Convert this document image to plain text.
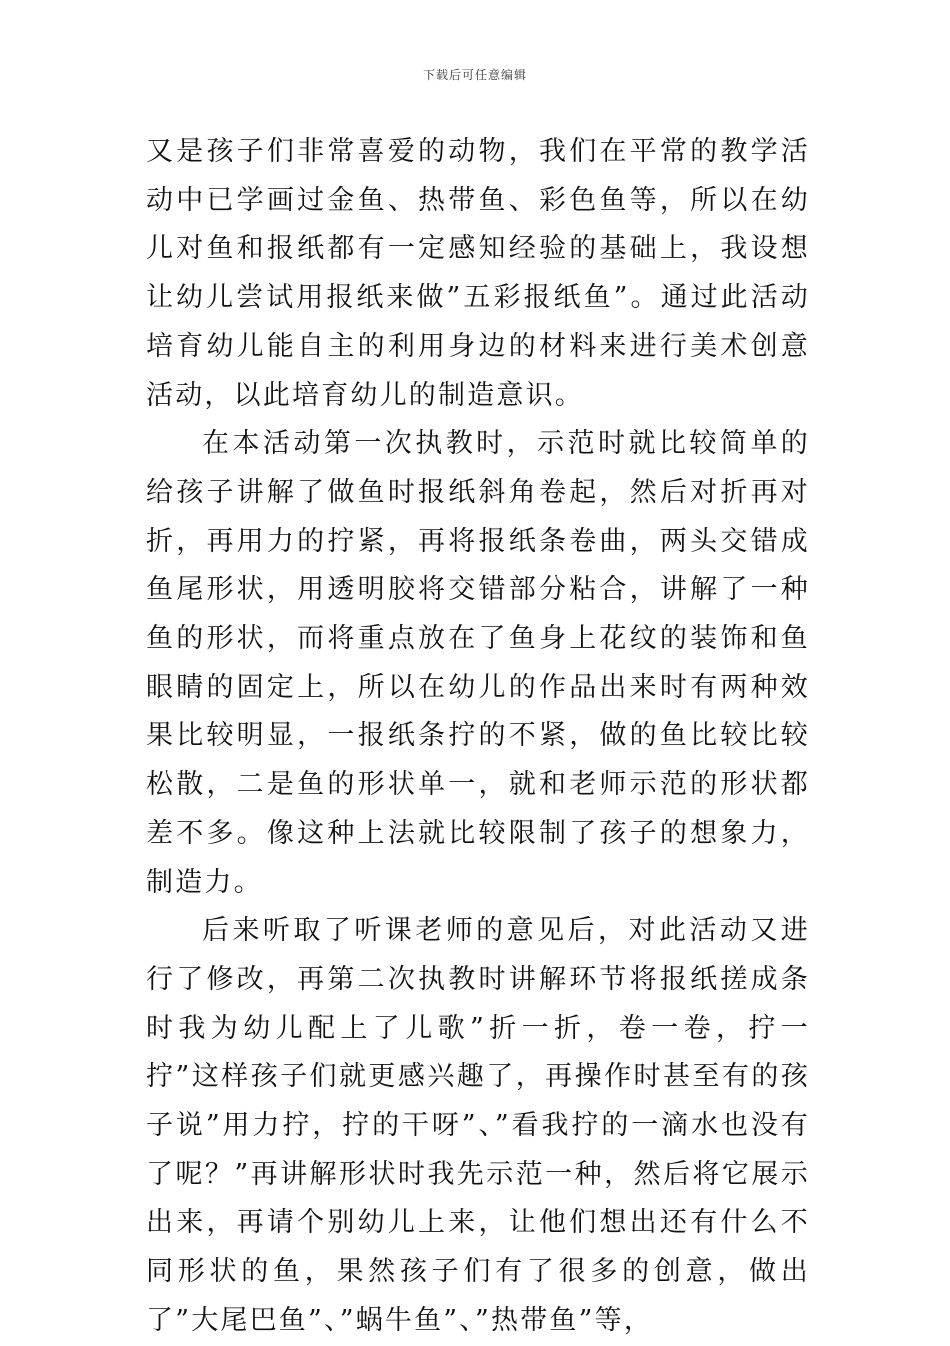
下载后可任意编辑

又是孩子们非常喜爱的动物，我们在平常的教学活动中已学画过金鱼、热带鱼、彩色鱼等，所以在幼儿对鱼和报纸都有一定感知经验的基础上，我设想让幼儿尝试用报纸来做”五彩报纸鱼”。通过此活动培育幼儿能自主的利用身边的材料来进行美术创意活动，以此培育幼儿的制造意识。

在本活动第一次执教时，示范时就比较简单的给孩子讲解了做鱼时报纸斜角卷起，然后对折再对折，再用力的拧紧，再将报纸条卷曲，两头交错成鱼尾形状，用透明胶将交错部分粘合，讲解了一种鱼的形状，而将重点放在了鱼身上花纹的装饰和鱼眼睛的固定上，所以在幼儿的作品出来时有两种效果比较明显，一报纸条拧的不紧，做的鱼比较比较松散，二是鱼的形状单一，就和老师示范的形状都差不多。像这种上法就比较限制了孩子的想象力，制造力。

后来听取了听课老师的意见后，对此活动又进行了修改，再第二次执教时讲解环节将报纸搓成条时我为幼儿配上了儿歌”折一折，卷一卷，拧一拧”这样孩子们就更感兴趣了，再操作时甚至有的孩子说”用力拧，拧的干呀”、”看我拧的一滴水也没有了呢？”再讲解形状时我先示范一种，然后将它展示出来，再请个别幼儿上来，让他们想出还有什么不同形状的鱼，果然孩子们有了很多的创意，做出了”大尾巴鱼”、”蜗牛鱼”、”热带鱼”等，
